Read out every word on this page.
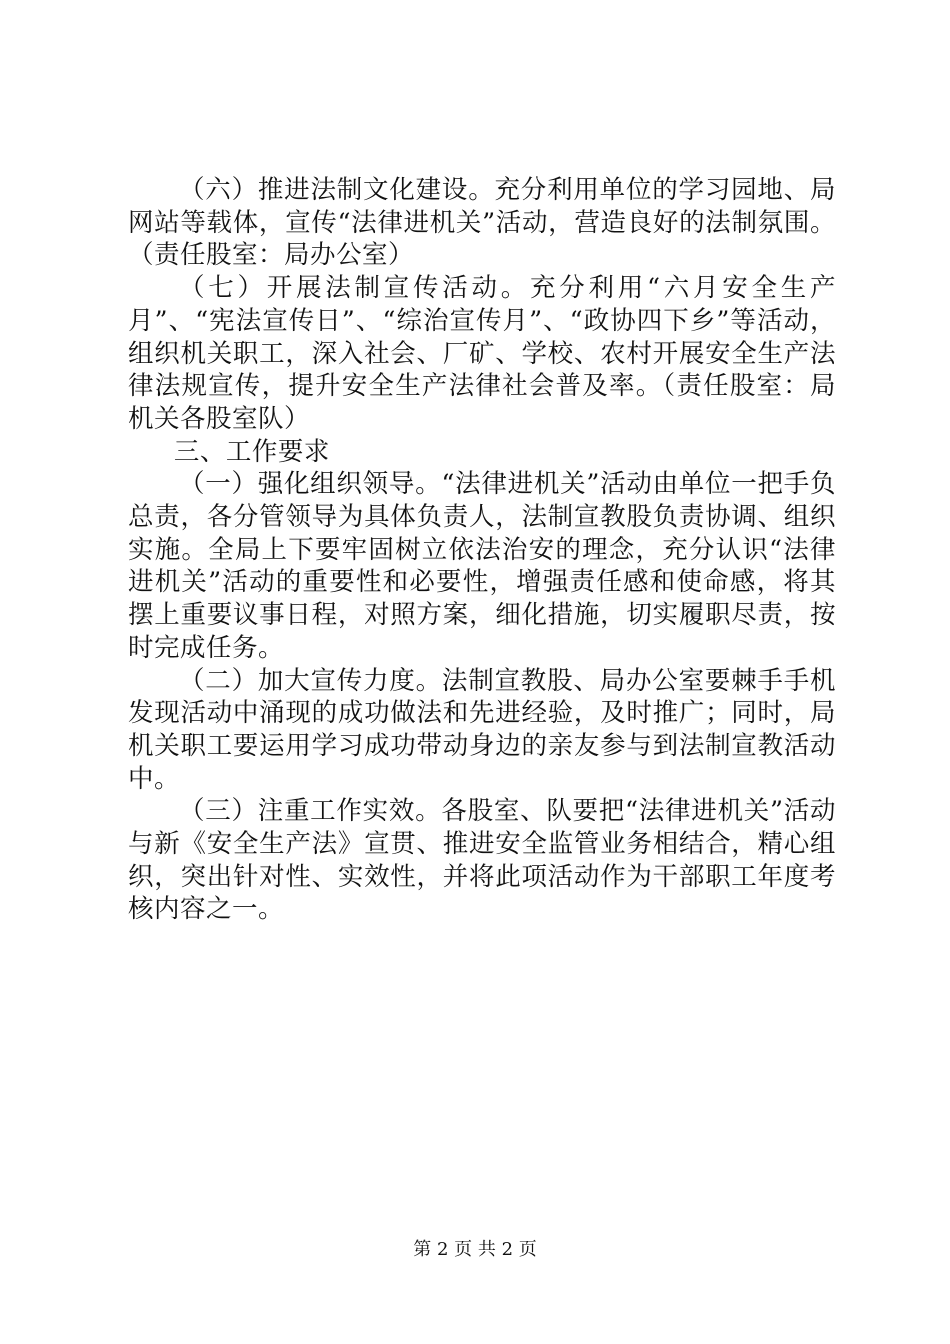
（六）推进法制文化建设。充分利用单位的学习园地、局网站等载体，宣传“法律进机关”活动，营造良好的法制氛围。（责任股室：局办公室）

（七）开展法制宣传活动。充分利用“六月安全生产月”、“宪法宣传日”、“综治宣传月”、“政协四下乡”等活动，组织机关职工，深入社会、厂矿、学校、农村开展安全生产法律法规宣传，提升安全生产法律社会普及率。（责任股室：局机关各股室队）

三、工作要求

（一）强化组织领导。“法律进机关”活动由单位一把手负总责，各分管领导为具体负责人，法制宣教股负责协调、组织实施。全局上下要牢固树立依法治安的理念，充分认识“法律进机关”活动的重要性和必要性，增强责任感和使命感，将其摆上重要议事日程，对照方案，细化措施，切实履职尽责，按时完成任务。

（二）加大宣传力度。法制宣教股、局办公室要棘手手机发现活动中涌现的成功做法和先进经验，及时推广；同时，局机关职工要运用学习成功带动身边的亲友参与到法制宣教活动中。

（三）注重工作实效。各股室、队要把“法律进机关”活动与新《安全生产法》宣贯、推进安全监管业务相结合，精心组织，突出针对性、实效性，并将此项活动作为干部职工年度考核内容之一。

第 2 页 共 2 页
